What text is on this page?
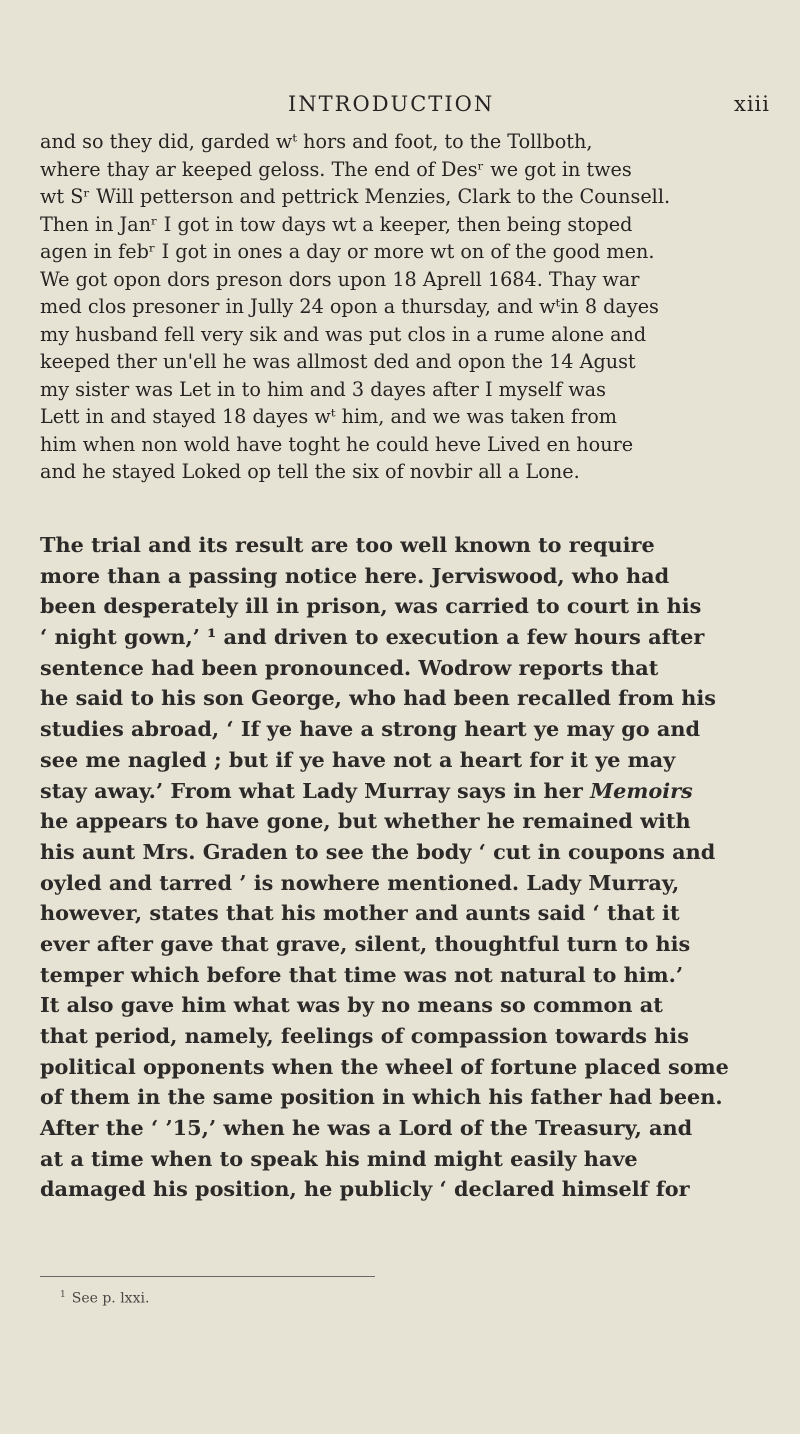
INTRODUCTION	xiii
and so they did, garded wᵗ hors and foot, to the Tollboth,
where thay ar keeped geloss. The end of Desʳ we got in twes
wt Sʳ Will petterson and pettrick Menzies, Clark to the Counsell.
Then in Janʳ I got in tow days wt a keeper, then being stoped
agen in febʳ I got in ones a day or more wt on of the good men.
We got opon dors preson dors upon 18 Aprell 1684. Thay war
med clos presoner in Jully 24 opon a thursday, and wᵗin 8 dayes
my husband fell very sik and was put clos in a rume alone and
keeped ther un'ell he was allmost ded and opon the 14 Agust
my sister was Let in to him and 3 dayes after I myself was
Lett in and stayed 18 dayes wᵗ him, and we was taken from
him when non wold have toght he could heve Lived en houre
and he stayed Loked op tell the six of novbir all a Lone.
The trial and its result are too well known to require
more than a passing notice here. Jerviswood, who had
been desperately ill in prison, was carried to court in his
‘ night gown,’ ¹ and driven to execution a few hours after
sentence had been pronounced. Wodrow reports that
he said to his son George, who had been recalled from his
studies abroad, ‘ If ye have a strong heart ye may go and
see me nagled ; but if ye have not a heart for it ye may
stay away.’ From what Lady Murray says in her Memoirs
he appears to have gone, but whether he remained with
his aunt Mrs. Graden to see the body ‘ cut in coupons and
oyled and tarred ’ is nowhere mentioned. Lady Murray,
however, states that his mother and aunts said ‘ that it
ever after gave that grave, silent, thoughtful turn to his
temper which before that time was not natural to him.’
It also gave him what was by no means so common at
that period, namely, feelings of compassion towards his
political opponents when the wheel of fortune placed some
of them in the same position in which his father had been.
After the ‘ ’15,’ when he was a Lord of the Treasury, and
at a time when to speak his mind might easily have
damaged his position, he publicly ‘ declared himself for
$^1$ See p. lxxi.
